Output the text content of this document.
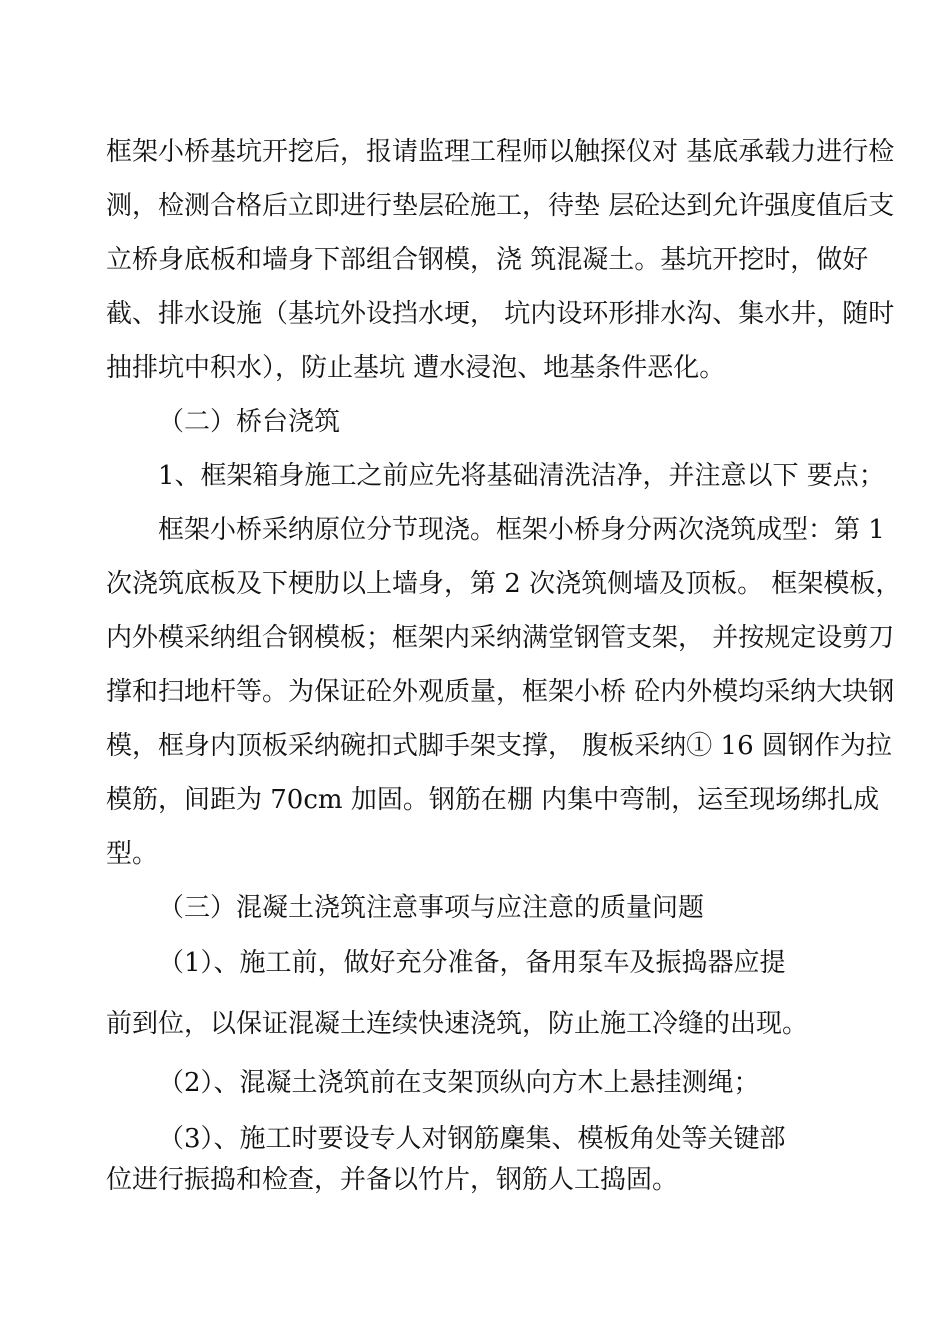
框架小桥基坑开挖后，报请监理工程师以触探仪对 基底承载力进行检
测，检测合格后立即进行垫层砼施工，待垫 层砼达到允许强度值后支
立桥身底板和墙身下部组合钢模，浇 筑混凝土。基坑开挖时，做好
截、排水设施（基坑外设挡水埂， 坑内设环形排水沟、集水井，随时
抽排坑中积水），防止基坑 遭水浸泡、地基条件恶化。
（二）桥台浇筑
1、框架箱身施工之前应先将基础清洗洁净，并注意以下 要点；
框架小桥采纳原位分节现浇。框架小桥身分两次浇筑成型：第 1
次浇筑底板及下梗肋以上墙身，第 2 次浇筑侧墙及顶板。 框架模板，
内外模采纳组合钢模板；框架内采纳满堂钢管支架， 并按规定设剪刀
撑和扫地杆等。为保证砼外观质量，框架小桥 砼内外模均采纳大块钢
模，框身内顶板采纳碗扣式脚手架支撑， 腹板采纳① 16 圆钢作为拉
模筋，间距为 70cm 加固。钢筋在棚 内集中弯制，运至现场绑扎成
型。
（三）混凝土浇筑注意事项与应注意的质量问题
（1）、施工前，做好充分准备，备用泵车及振捣器应提
前到位，以保证混凝土连续快速浇筑，防止施工冷缝的出现。
（2）、混凝土浇筑前在支架顶纵向方木上悬挂测绳；
（3）、施工时要设专人对钢筋麇集、模板角处等关键部
位进行振捣和检查，并备以竹片，钢筋人工捣固。
